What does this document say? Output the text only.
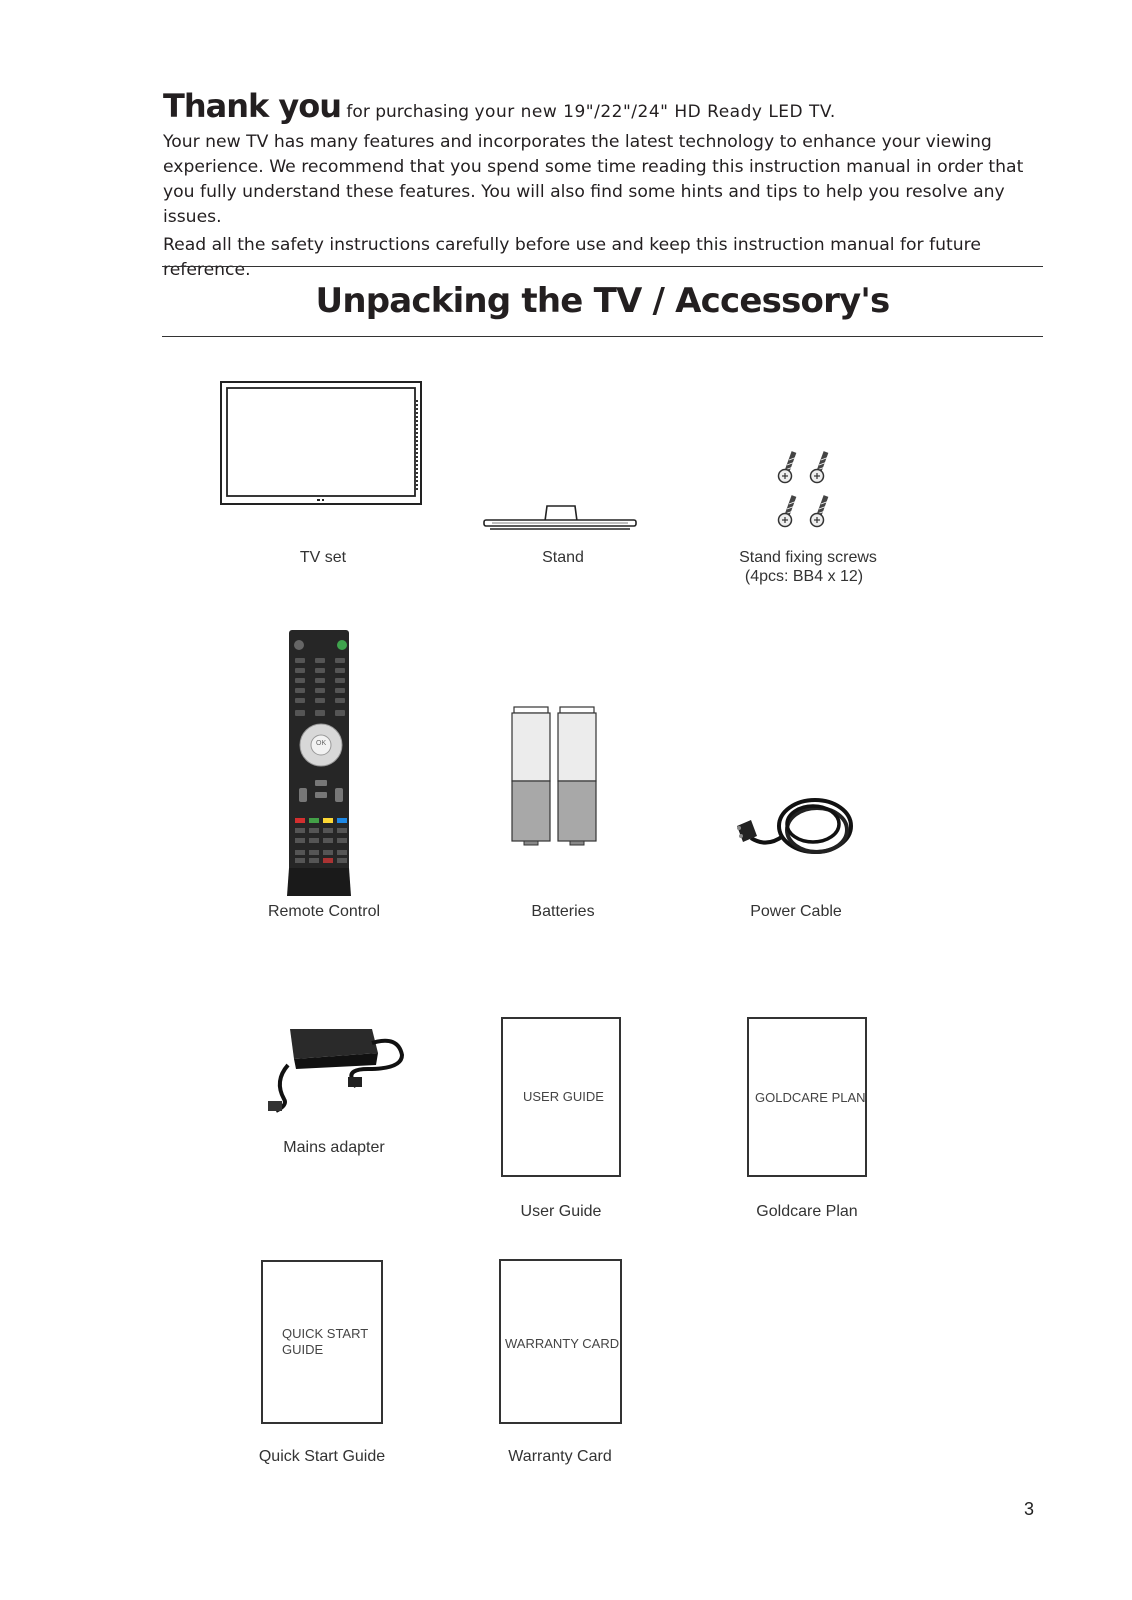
Thank you for purchasing your new 19"/22"/24" HD Ready LED TV.

Your new TV has many features and incorporates the latest technology to enhance your viewing experience. We recommend that you spend some time reading this instruction manual in order that you fully understand these features. You will also find some hints and tips to help you resolve any issues.

Read all the safety instructions carefully before use and keep this instruction manual for future reference.

Unpacking the TV / Accessory's
TV set	Stand	Stand fixing screws
(4pcs: BB4 x 12)
OK
Remote Control	Batteries	Power Cable
Mains adapter
USER GUIDE
User Guide
GOLDCARE PLAN
Goldcare Plan
QUICK START
GUIDE
Quick Start Guide
WARRANTY CARD
Warranty Card
3
